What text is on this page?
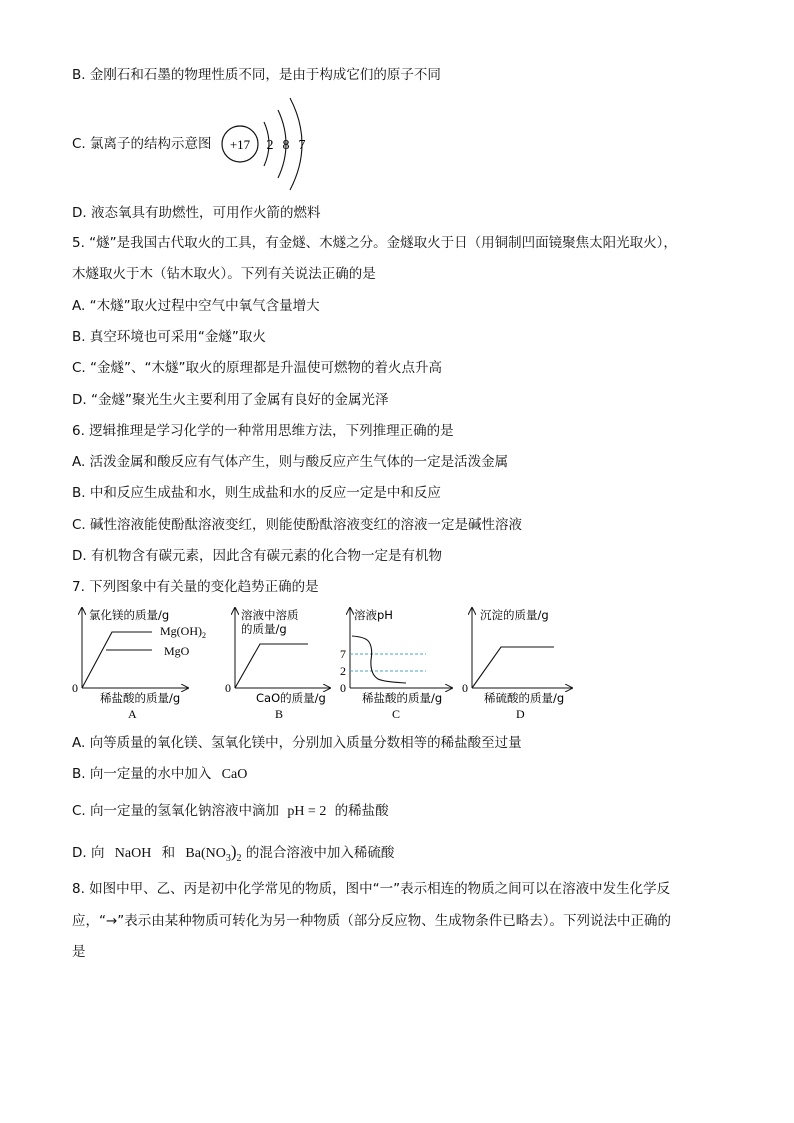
B. 金刚石和石墨的物理性质不同，是由于构成它们的原子不同
C. 氯离子的结构示意图 +17 2 8 7
D. 液态氧具有助燃性，可用作火箭的燃料
5. “燧”是我国古代取火的工具，有金燧、木燧之分。金燧取火于日（用铜制凹面镜聚焦太阳光取火），
木燧取火于木（钻木取火）。下列有关说法正确的是
A. “木燧”取火过程中空气中氧气含量增大
B. 真空环境也可采用“金燧”取火
C. “金燧”、“木燧”取火的原理都是升温使可燃物的着火点升高
D. “金燧”聚光生火主要利用了金属有良好的金属光泽
6. 逻辑推理是学习化学的一种常用思维方法，下列推理正确的是
A. 活泼金属和酸反应有气体产生，则与酸反应产生气体的一定是活泼金属
B. 中和反应生成盐和水，则生成盐和水的反应一定是中和反应
C. 碱性溶液能使酚酞溶液变红，则能使酚酞溶液变红的溶液一定是碱性溶液
D. 有机物含有碳元素，因此含有碳元素的化合物一定是有机物
7. 下列图象中有关量的变化趋势正确的是
氯化镁的质量/g
$Mg(OH)_2$
MgO
0
稀盐酸的质量/g
A
溶液中溶质
的质量/g
0
CaO的质量/g
B
溶液pH
7
2
0
稀盐酸的质量/g
C
沉淀的质量/g
0
稀硫酸的质量/g
D
A. 向等质量的氧化镁、氢氧化镁中，分别加入质量分数相等的稀盐酸至过量
B. 向一定量的水中加入 CaO
C. 向一定量的氢氧化钠溶液中滴加 pH = 2 的稀盐酸
D. 向 NaOH 和 $Ba(NO_3)_2$ 的混合溶液中加入稀硫酸
8. 如图中甲、乙、丙是初中化学常见的物质，图中“一”表示相连的物质之间可以在溶液中发生化学反
应，“→”表示由某种物质可转化为另一种物质（部分反应物、生成物条件已略去）。下列说法中正确的
是
